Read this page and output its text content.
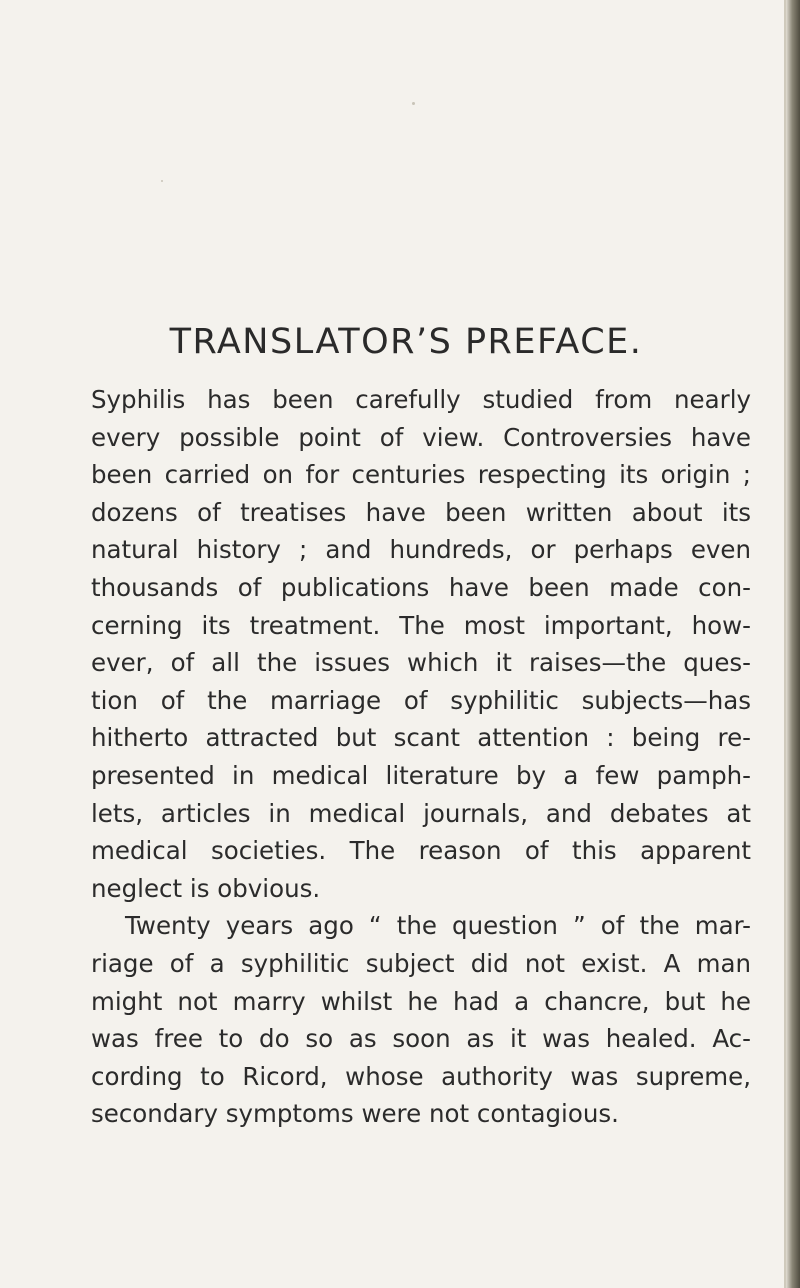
TRANSLATOR’S PREFACE.
Syphilis has been carefully studied from nearly
every possible point of view. Controversies have
been carried on for centuries respecting its origin ;
dozens of treatises have been written about its
natural history ; and hundreds, or perhaps even
thousands of publications have been made con-
cerning its treatment. The most important, how-
ever, of all the issues which it raises—the ques-
tion of the marriage of syphilitic subjects—has
hitherto attracted but scant attention : being re-
presented in medical literature by a few pamph-
lets, articles in medical journals, and debates at
medical societies. The reason of this apparent
neglect is obvious.
Twenty years ago “ the question ” of the mar-
riage of a syphilitic subject did not exist. A man
might not marry whilst he had a chancre, but he
was free to do so as soon as it was healed. Ac-
cording to Ricord, whose authority was supreme,
secondary symptoms were not contagious.
